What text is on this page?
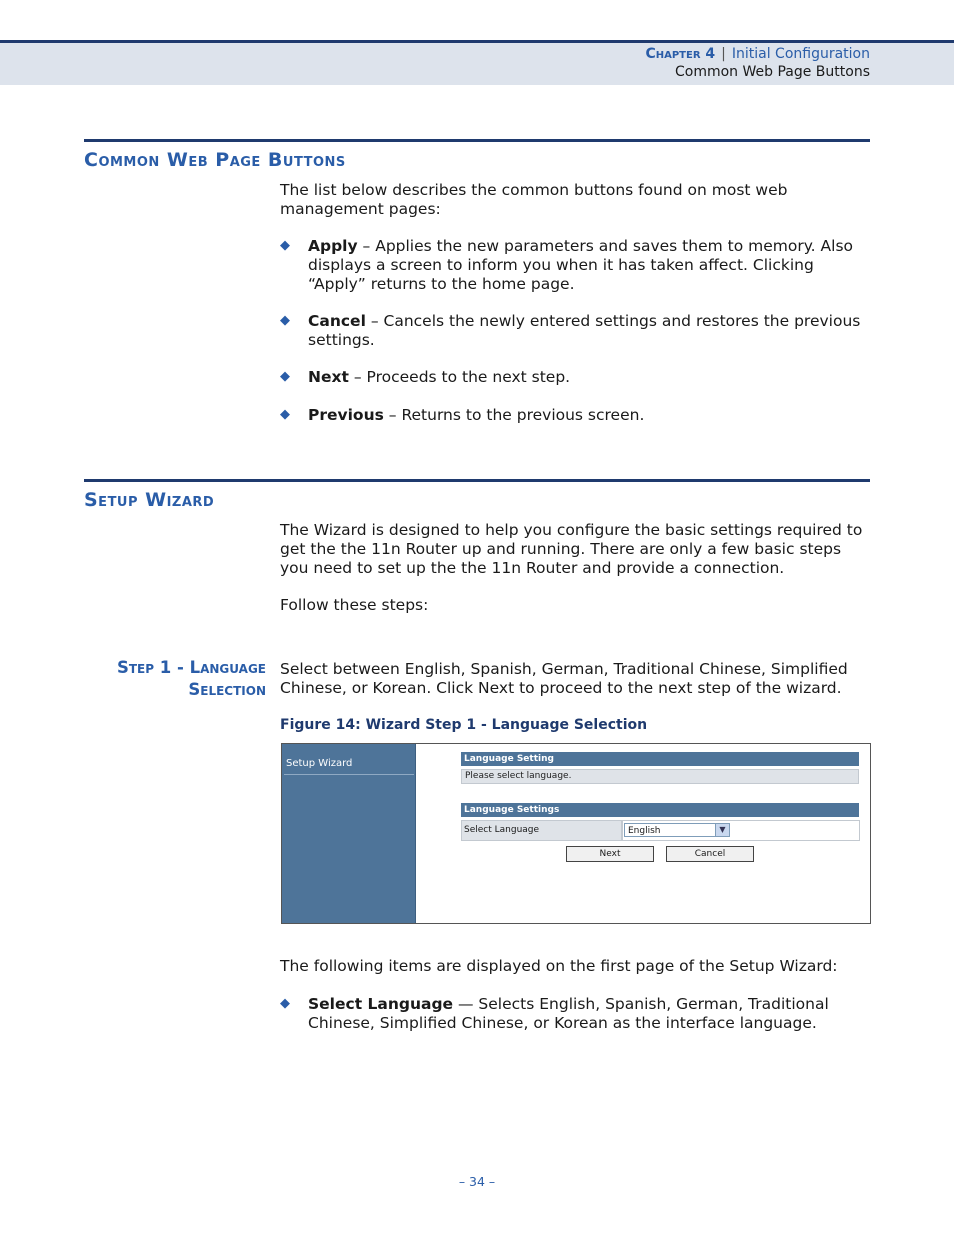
Chapter 4 | Initial Configuration
Common Web Page Buttons
Common Web Page Buttons
The list below describes the common buttons found on most web management pages:
◆ Apply – Applies the new parameters and saves them to memory. Also displays a screen to inform you when it has taken affect. Clicking “Apply” returns to the home page.
◆ Cancel – Cancels the newly entered settings and restores the previous settings.
◆ Next – Proceeds to the next step.
◆ Previous – Returns to the previous screen.
Setup Wizard
The Wizard is designed to help you configure the basic settings required to get the the 11n Router up and running. There are only a few basic steps you need to set up the the 11n Router and provide a connection.
Follow these steps:
Step 1 - Language
Selection
Select between English, Spanish, German, Traditional Chinese, Simplified Chinese, or Korean. Click Next to proceed to the next step of the wizard.
Figure 14: Wizard Step 1 - Language Selection
Setup Wizard	Language Setting
Please select language.
Language Settings
Select Language	English	▼
Next	Cancel
The following items are displayed on the first page of the Setup Wizard:
◆ Select Language — Selects English, Spanish, German, Traditional Chinese, Simplified Chinese, or Korean as the interface language.
– 34 –
